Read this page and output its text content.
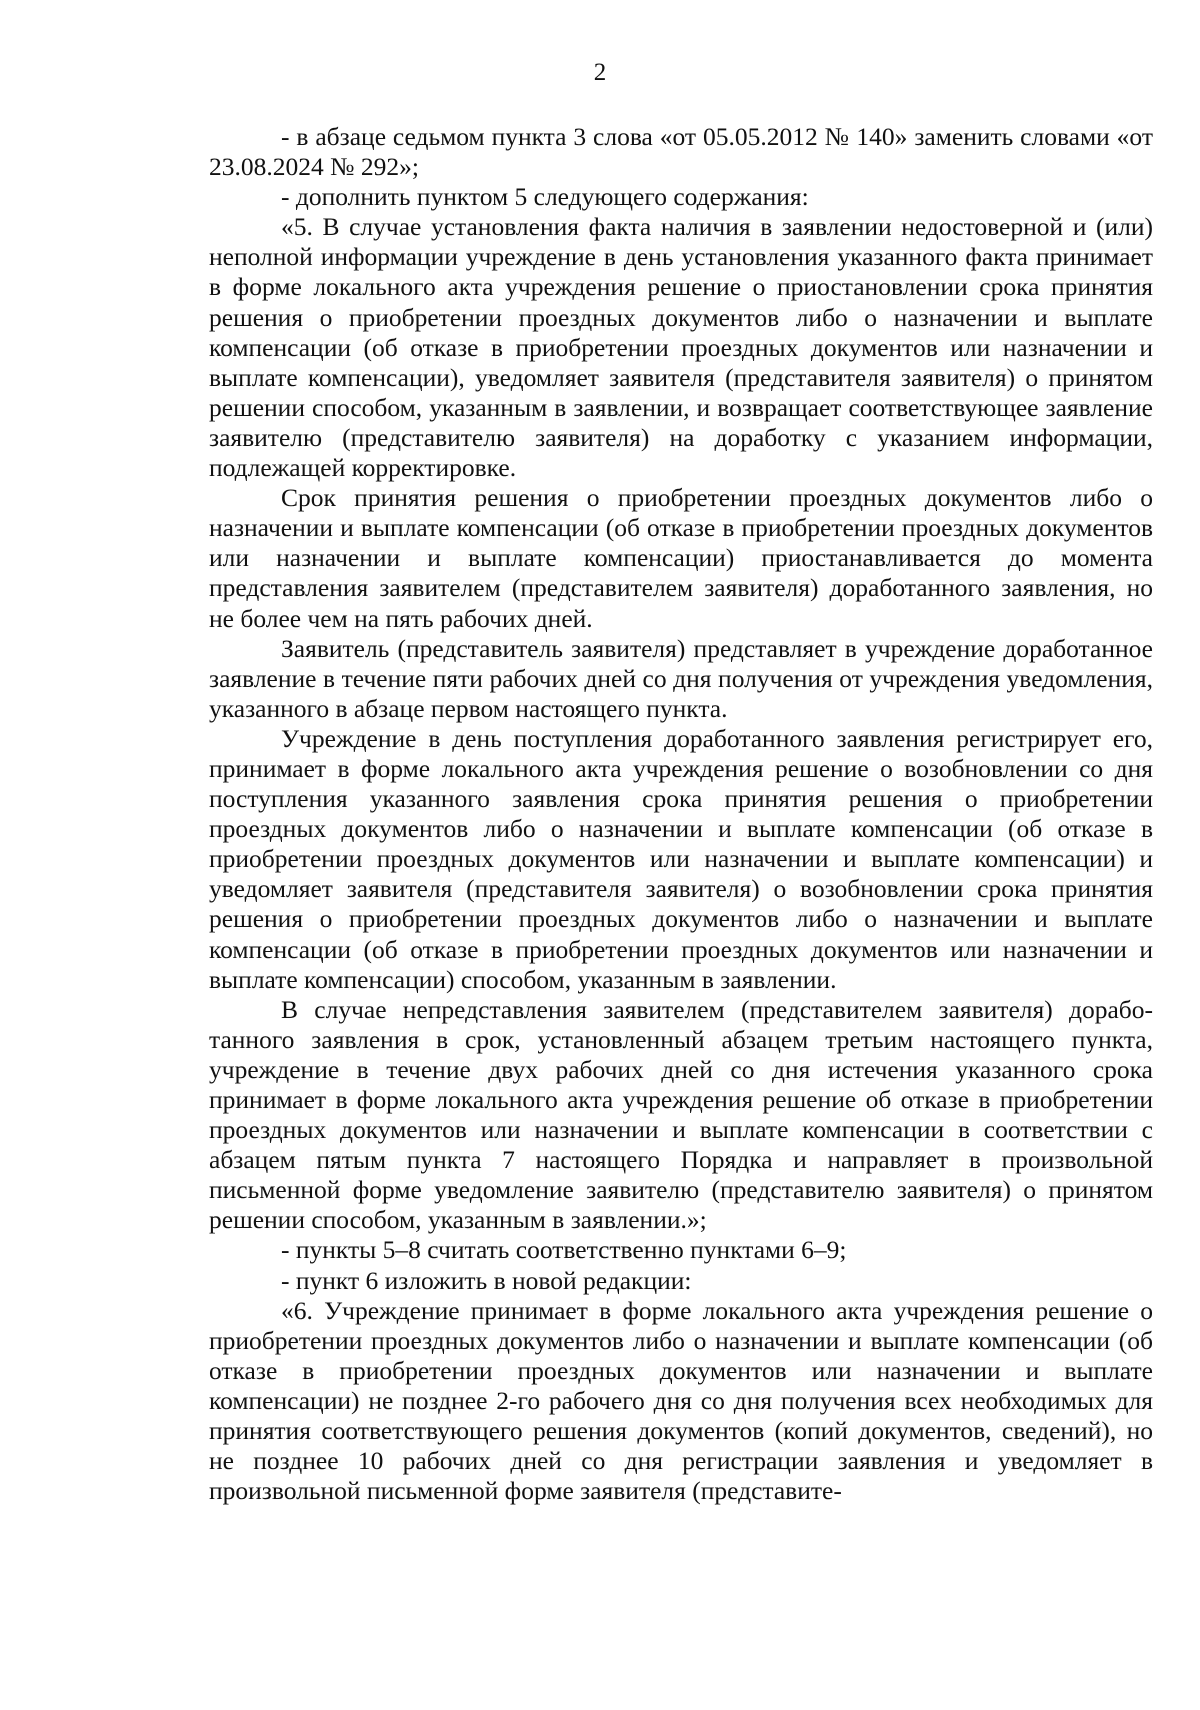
2

- в абзаце седьмом пункта 3 слова «от 05.05.2012 № 140» заменить словами «от 23.08.2024 № 292»;

- дополнить пунктом 5 следующего содержания:

«5. В случае установления факта наличия в заявлении недостоверной и (или) неполной информации учреждение в день установления указанного факта принимает в форме локального акта учреждения решение о приостановлении срока принятия решения о приобретении проездных документов либо о назначении и выплате компенсации (об отказе в приобретении проездных документов или назначении и выплате компенсации), уведомляет заявителя (представителя заявителя) о принятом решении способом, указанным в заявлении, и возвращает соответствующее заявление заявителю (представителю заявителя) на доработку с указанием информации, подлежащей корректировке.

Срок принятия решения о приобретении проездных документов либо о назначении и выплате компенсации (об отказе в приобретении проездных документов или назначении и выплате компенсации) приостанавливается до момента представления заявителем (представителем заявителя) доработанного заявления, но не более чем на пять рабочих дней.

Заявитель (представитель заявителя) представляет в учреждение доработанное заявление в течение пяти рабочих дней со дня получения от учреждения уведомления, указанного в абзаце первом настоящего пункта.

Учреждение в день поступления доработанного заявления регистрирует его, принимает в форме локального акта учреждения решение о возобновлении со дня поступления указанного заявления срока принятия решения о приобретении проездных документов либо о назначении и выплате компенсации (об отказе в приобретении проездных документов или назначении и выплате компенсации) и уведомляет заявителя (представителя заявителя) о возобновлении срока принятия решения о приобретении проездных документов либо о назначении и выплате компенсации (об отказе в приобретении проездных документов или назначении и выплате компенсации) способом, указанным в заявлении.

В случае непредставления заявителем (представителем заявителя) доработанного заявления в срок, установленный абзацем третьим настоящего пункта, учреждение в течение двух рабочих дней со дня истечения указанного срока принимает в форме локального акта учреждения решение об отказе в приобретении проездных документов или назначении и выплате компенсации в соответствии с абзацем пятым пункта 7 настоящего Порядка и направляет в произвольной письменной форме уведомление заявителю (представителю заявителя) о принятом решении способом, указанным в заявлении.»;

- пункты 5–8 считать соответственно пунктами 6–9;

- пункт 6 изложить в новой редакции:

«6. Учреждение принимает в форме локального акта учреждения решение о приобретении проездных документов либо о назначении и выплате компенсации (об отказе в приобретении проездных документов или назначении и выплате компенсации) не позднее 2-го рабочего дня со дня получения всех необходимых для принятия соответствующего решения документов (копий документов, сведений), но не позднее 10 рабочих дней со дня регистрации заявления и уведомляет в произвольной письменной форме заявителя (представите-
